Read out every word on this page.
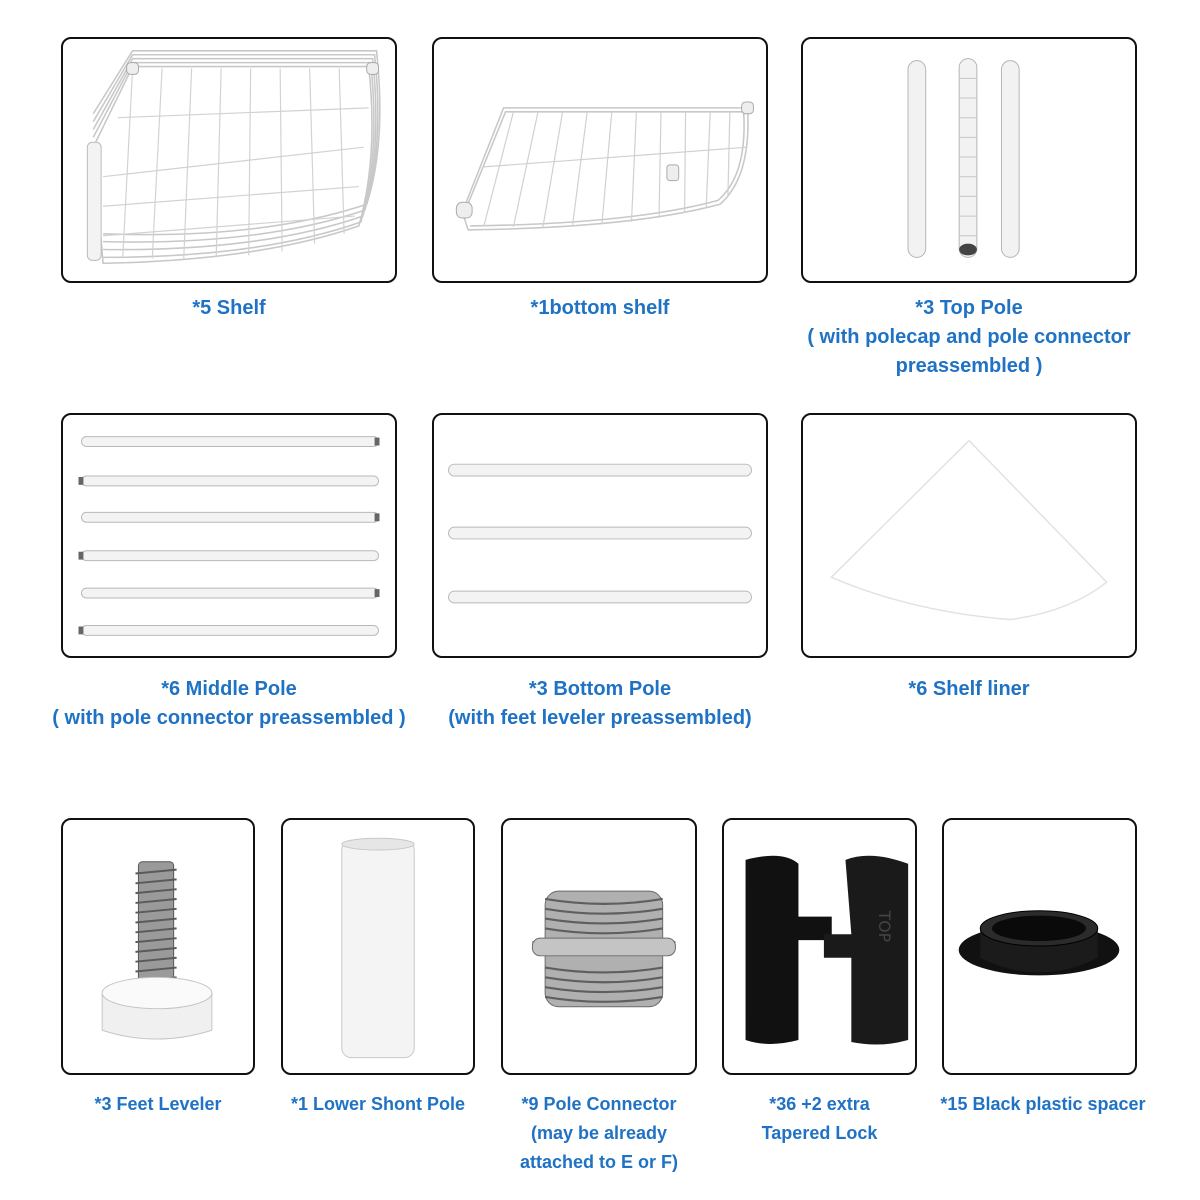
*5 Shelf	*1bottom shelf	*3 Top Pole
( with polecap and pole connector
preassembled )
*6 Middle Pole
( with pole connector preassembled )
*3 Bottom Pole
(with feet leveler preassembled)
*6 Shelf liner
TOP
*3 Feet Leveler	*1 Lower Shont Pole	*9 Pole Connector
(may be already
attached to E or F)
*36 +2 extra
Tapered Lock
*15 Black plastic spacer
